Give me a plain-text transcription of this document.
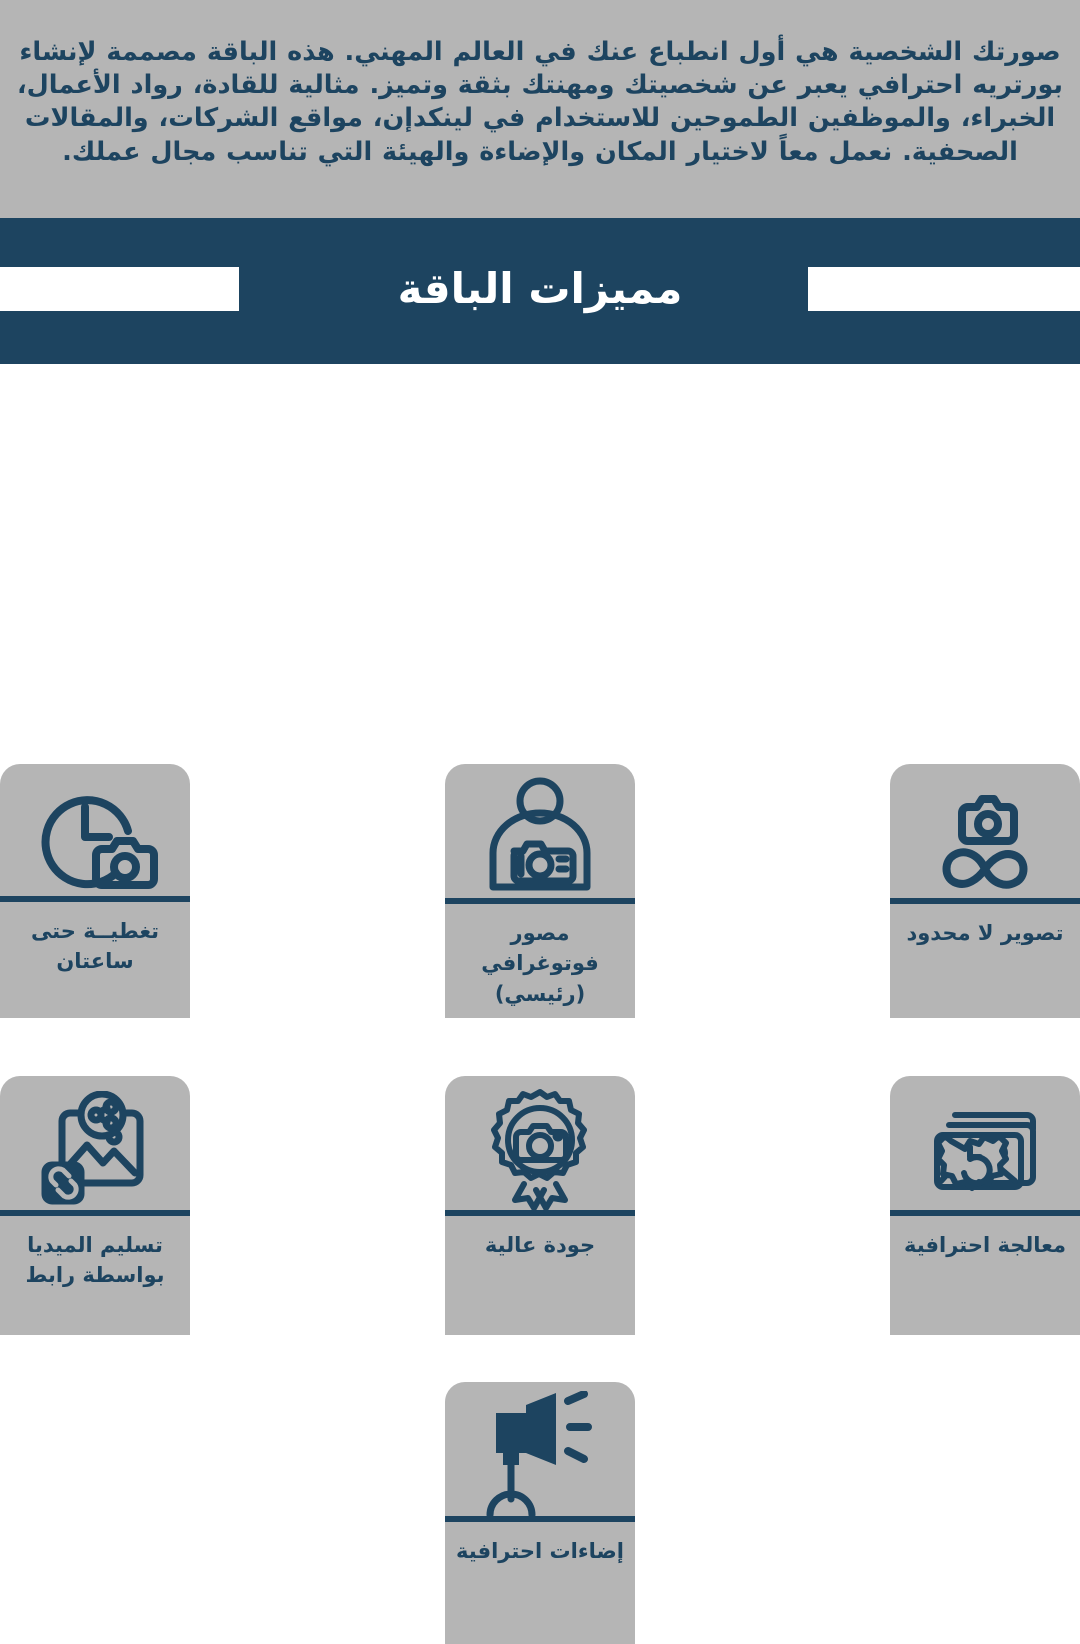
صورتك الشخصية هي أول انطباع عنك في العالم المهني. هذه الباقة مصممة لإنشاء بورتريه احترافي يعبر عن شخصيتك ومهنتك بثقة وتميز. مثالية للقادة، رواد الأعمال، الخبراء، والموظفين الطموحين للاستخدام في لينكدإن، مواقع الشركات، والمقالات الصحفية. نعمل معاً لاختيار المكان والإضاءة والهيئة التي تناسب مجال عملك.

مميزات الباقة
تغطيــة حتى ساعتان
مصور فوتوغرافي (رئيسي)
تصوير لا محدود
تسليم الميديا بواسطة رابط
جودة عالية	معالجة احترافية
إضاءات احترافية
